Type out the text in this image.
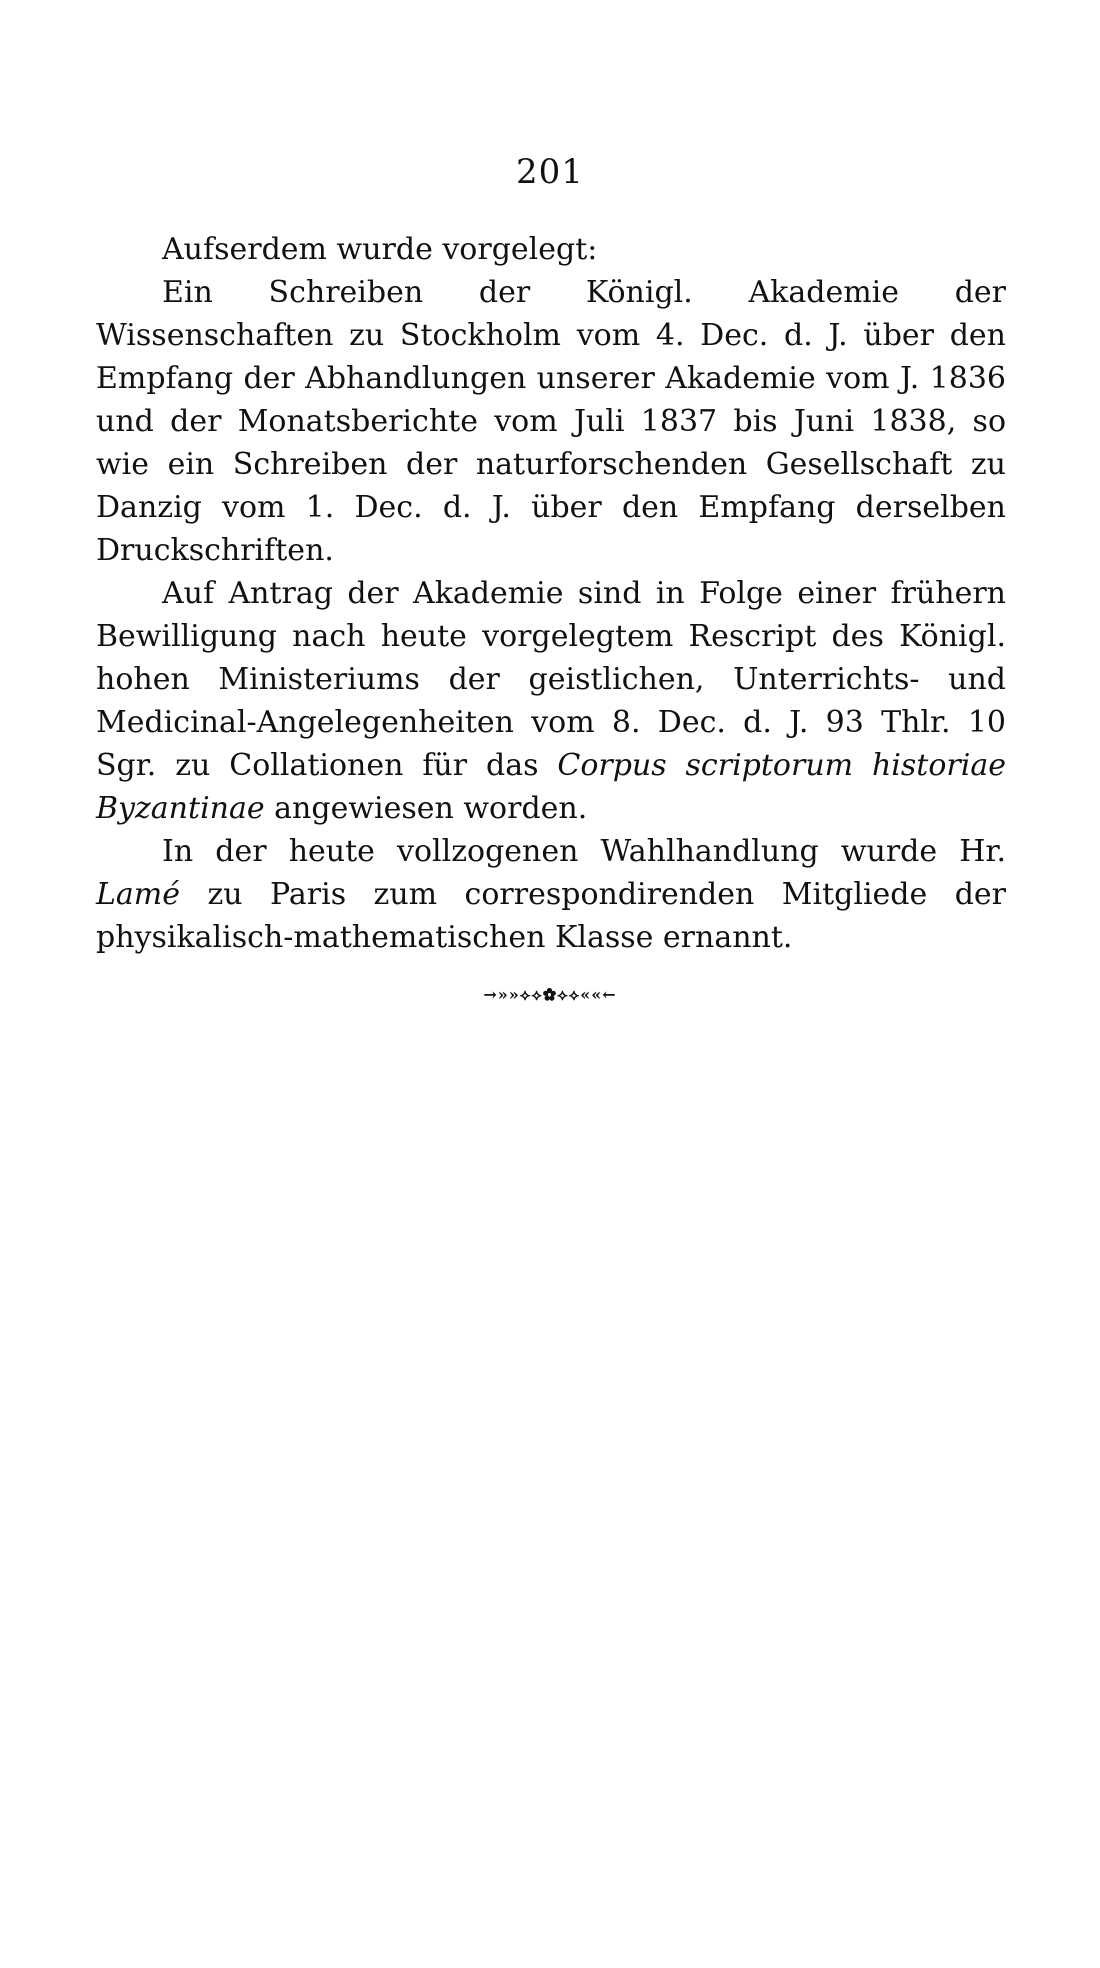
201

Aufserdem wurde vorgelegt:

Ein Schreiben der Königl. Akademie der Wissenschaften zu Stockholm vom 4. Dec. d. J. über den Empfang der Abhandlungen unserer Akademie vom J. 1836 und der Monatsberichte vom Juli 1837 bis Juni 1838, so wie ein Schreiben der naturforschenden Gesellschaft zu Danzig vom 1. Dec. d. J. über den Empfang derselben Druckschriften.

Auf Antrag der Akademie sind in Folge einer frühern Bewilligung nach heute vorgelegtem Rescript des Königl. hohen Ministeriums der geistlichen, Unterrichts- und Medicinal-Angelegenheiten vom 8. Dec. d. J. 93 Thlr. 10 Sgr. zu Collationen für das Corpus scriptorum historiae Byzantinae angewiesen worden.

In der heute vollzogenen Wahlhandlung wurde Hr. Lamé zu Paris zum correspondirenden Mitgliede der physikalisch-mathematischen Klasse ernannt.

→»»⟡⟡✿⟡⟡««←
